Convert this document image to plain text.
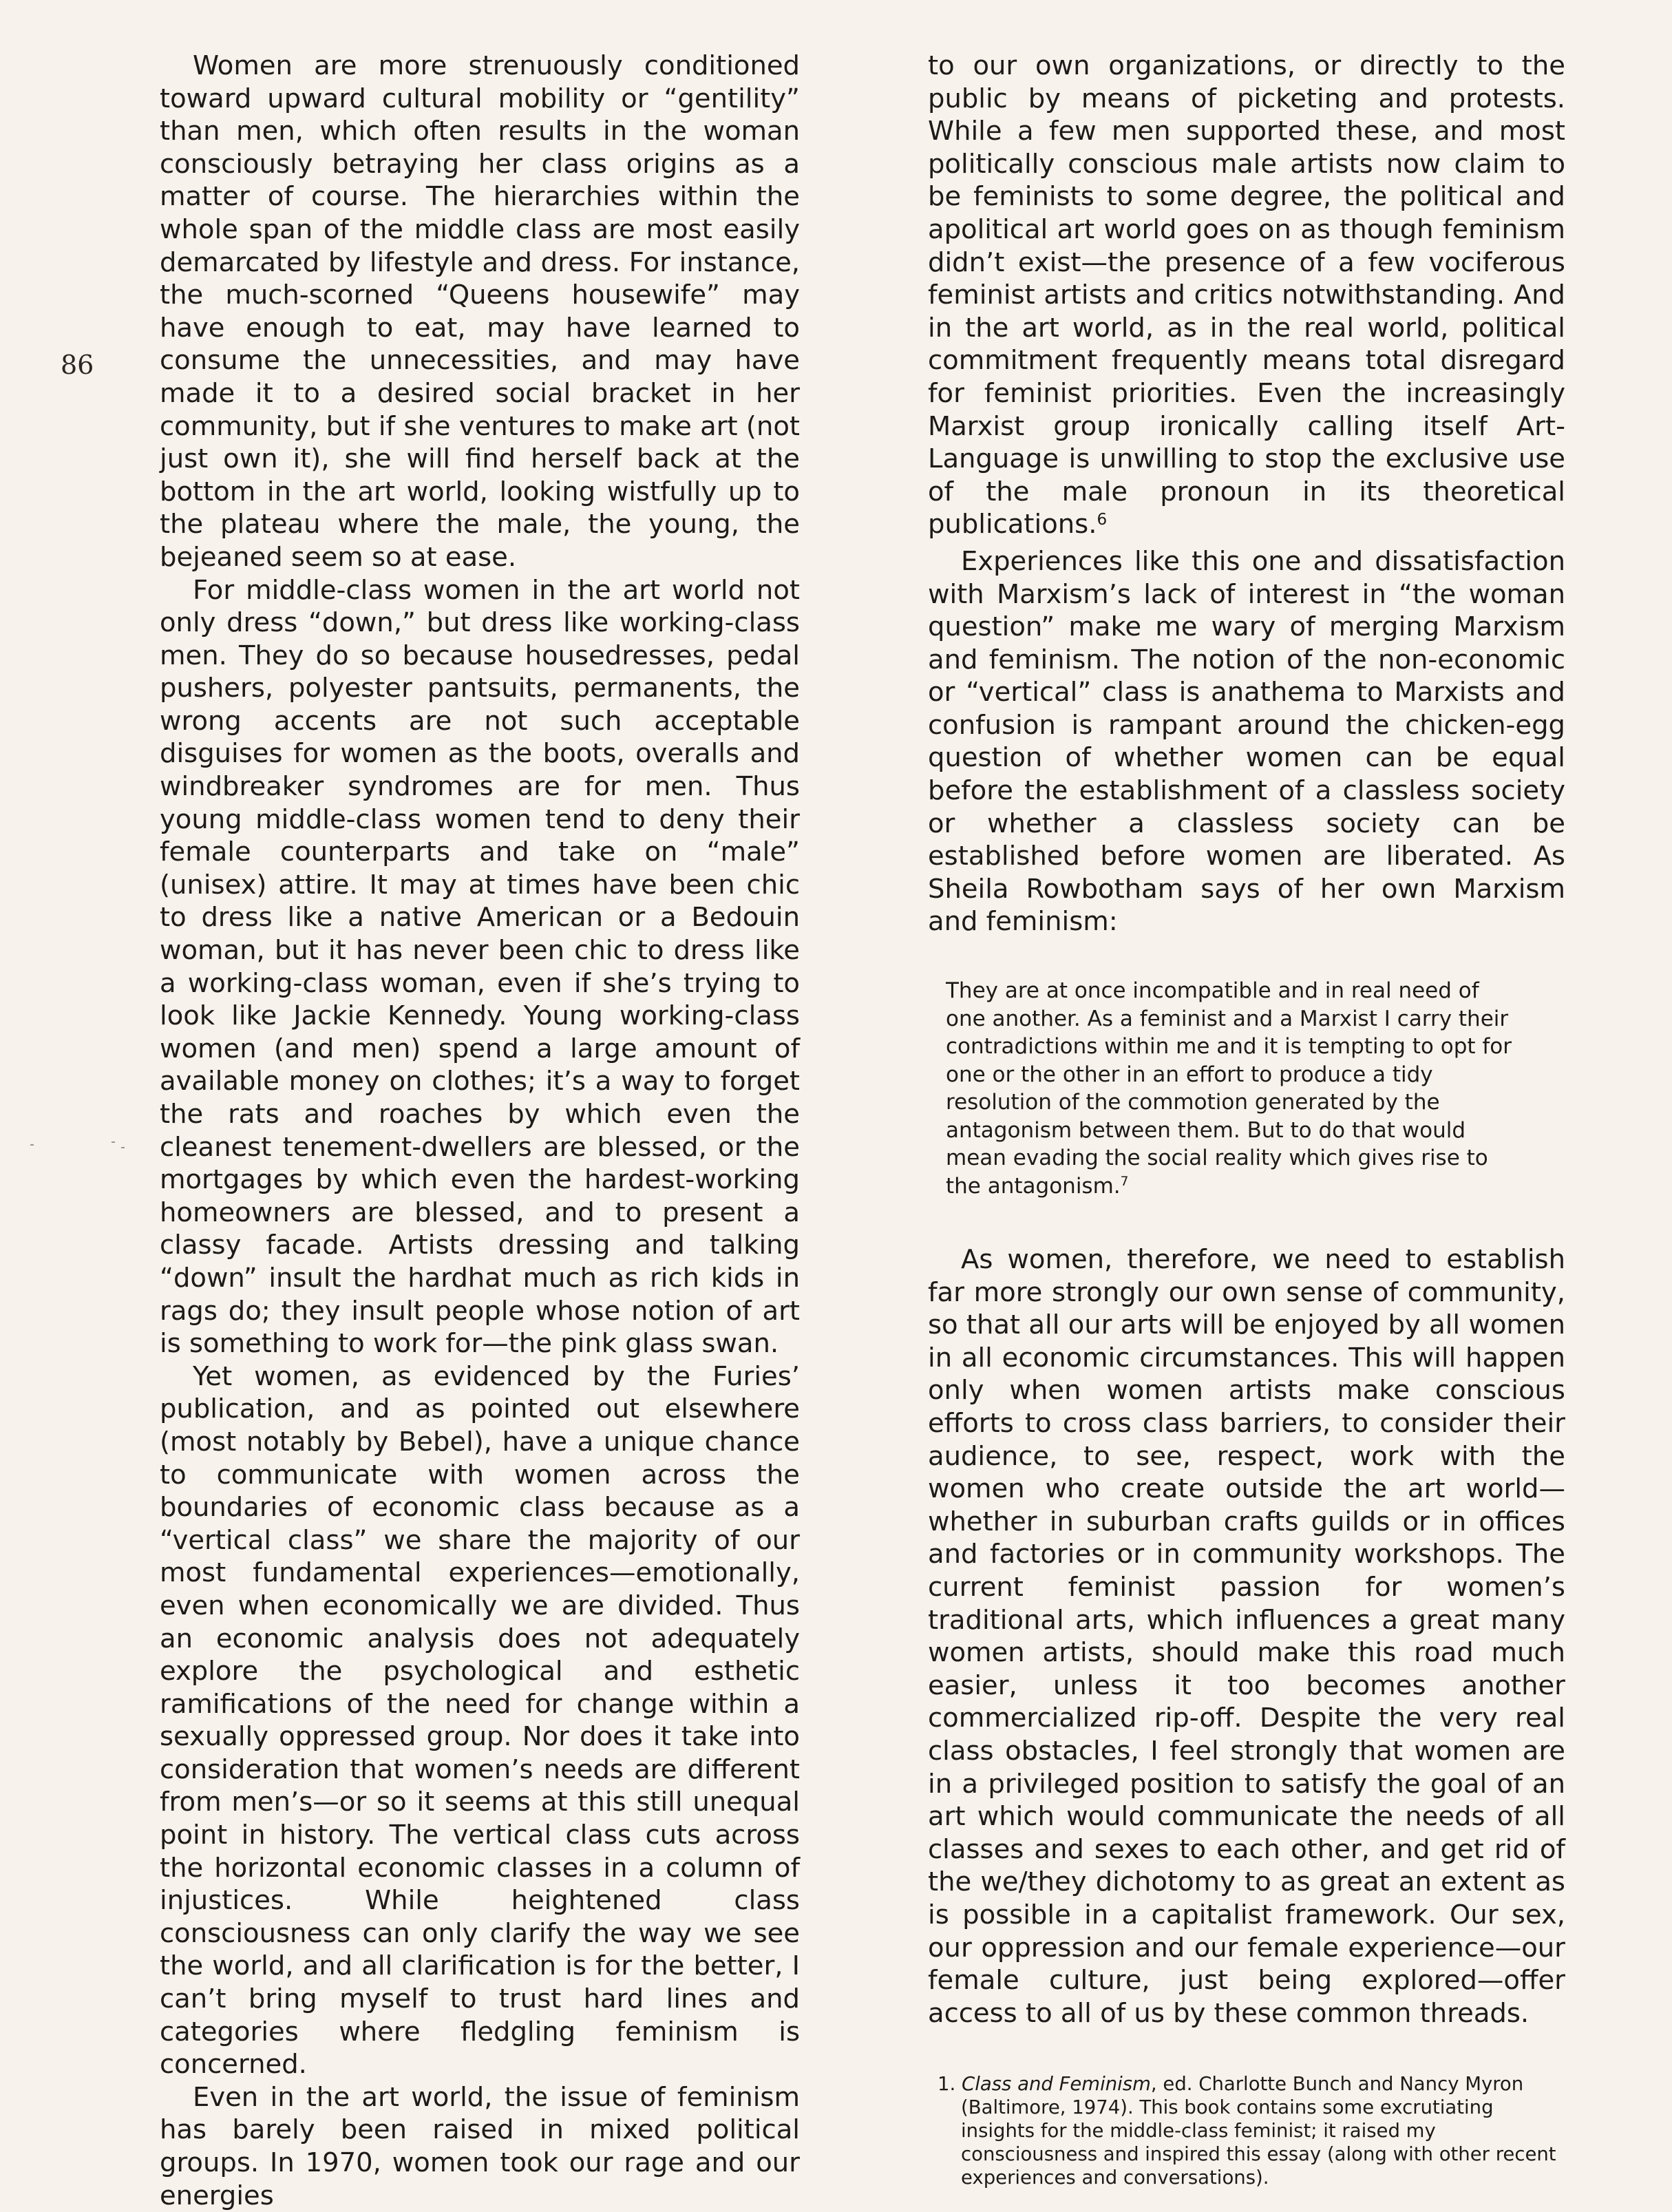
86

Women are more strenuously conditioned toward upward cultural mobility or “gentility” than men, which often results in the woman consciously betraying her class origins as a matter of course. The hierarchies within the whole span of the middle class are most easily demarcated by lifestyle and dress. For instance, the much-scorned “Queens housewife” may have enough to eat, may have learned to consume the unnecessities, and may have made it to a desired social bracket in her community, but if she ventures to make art (not just own it), she will find herself back at the bottom in the art world, looking wistfully up to the plateau where the male, the young, the bejeaned seem so at ease.

For middle-class women in the art world not only dress “down,” but dress like working-class men. They do so because housedresses, pedal pushers, polyester pantsuits, permanents, the wrong accents are not such acceptable disguises for women as the boots, overalls and windbreaker syndromes are for men. Thus young middle-class women tend to deny their female counterparts and take on “male” (unisex) attire. It may at times have been chic to dress like a native American or a Bedouin woman, but it has never been chic to dress like a working-class woman, even if she’s trying to look like Jackie Kennedy. Young working-class women (and men) spend a large amount of available money on clothes; it’s a way to forget the rats and roaches by which even the cleanest tenement-dwellers are blessed, or the mortgages by which even the hardest-working homeowners are blessed, and to present a classy facade. Artists dressing and talking “down” insult the hardhat much as rich kids in rags do; they insult people whose notion of art is something to work for—the pink glass swan.

Yet women, as evidenced by the Furies’ publication, and as pointed out elsewhere (most notably by Bebel), have a unique chance to communicate with women across the boundaries of economic class because as a “vertical class” we share the majority of our most fundamental experiences—emotionally, even when economically we are divided. Thus an economic analysis does not adequately explore the psychological and esthetic ramifications of the need for change within a sexually oppressed group. Nor does it take into consideration that women’s needs are different from men’s—or so it seems at this still unequal point in history. The vertical class cuts across the horizontal economic classes in a column of injustices. While heightened class consciousness can only clarify the way we see the world, and all clarification is for the better, I can’t bring myself to trust hard lines and categories where fledgling feminism is concerned.

Even in the art world, the issue of feminism has barely been raised in mixed political groups. In 1970, women took our rage and our energies

to our own organizations, or directly to the public by means of picketing and protests. While a few men supported these, and most politically conscious male artists now claim to be feminists to some degree, the political and apolitical art world goes on as though feminism didn’t exist—the presence of a few vociferous feminist artists and critics notwithstanding. And in the art world, as in the real world, political commitment frequently means total disregard for feminist priorities. Even the increasingly Marxist group ironically calling itself Art-Language is unwilling to stop the exclusive use of the male pronoun in its theoretical publications.$^6$

Experiences like this one and dissatisfaction with Marxism’s lack of interest in “the woman question” make me wary of merging Marxism and feminism. The notion of the non-economic or “vertical” class is anathema to Marxists and confusion is rampant around the chicken-egg question of whether women can be equal before the establishment of a classless society or whether a classless society can be established before women are liberated. As Sheila Rowbotham says of her own Marxism and feminism:

They are at once incompatible and in real need of one another. As a feminist and a Marxist I carry their contradictions within me and it is tempting to opt for one or the other in an effort to produce a tidy resolution of the commotion generated by the antagonism between them. But to do that would mean evading the social reality which gives rise to the antagonism.$^7$

As women, therefore, we need to establish far more strongly our own sense of community, so that all our arts will be enjoyed by all women in all economic circumstances. This will happen only when women artists make conscious efforts to cross class barriers, to consider their audience, to see, respect, work with the women who create outside the art world—whether in suburban crafts guilds or in offices and factories or in community workshops. The current feminist passion for women’s traditional arts, which influences a great many women artists, should make this road much easier, unless it too becomes another commercialized rip-off. Despite the very real class obstacles, I feel strongly that women are in a privileged position to satisfy the goal of an art which would communicate the needs of all classes and sexes to each other, and get rid of the we/they dichotomy to as great an extent as is possible in a capitalist framework. Our sex, our oppression and our female experience—our female culture, just being explored—offer access to all of us by these common threads.

1. Class and Feminism, ed. Charlotte Bunch and Nancy Myron (Baltimore, 1974). This book contains some excrutiating insights for the middle-class feminist; it raised my consciousness and inspired this essay (along with other recent experiences and conversations).
